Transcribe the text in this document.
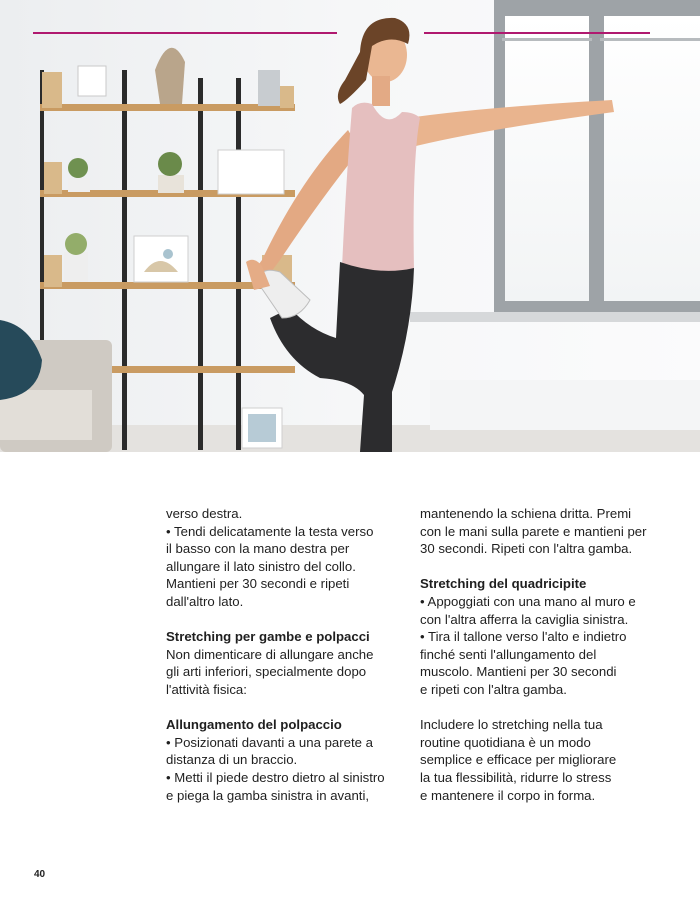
verso destra.

• Tendi delicatamente la testa verso

il basso con la mano destra per

allungare il lato sinistro del collo.

Mantieni per 30 secondi e ripeti

dall'altro lato.

Stretching per gambe e polpacci

Non dimenticare di allungare anche

gli arti inferiori, specialmente dopo

l'attività fisica:

Allungamento del polpaccio

• Posizionati davanti a una parete a

distanza di un braccio.

• Metti il piede destro dietro al sinistro

e piega la gamba sinistra in avanti,

mantenendo la schiena dritta. Premi

con le mani sulla parete e mantieni per

30 secondi. Ripeti con l'altra gamba.

Stretching del quadricipite

• Appoggiati con una mano al muro e

con l'altra afferra la caviglia sinistra.

• Tira il tallone verso l'alto e indietro

finché senti l'allungamento del

muscolo. Mantieni per 30 secondi

e ripeti con l'altra gamba.

Includere lo stretching nella tua

routine quotidiana è un modo

semplice e efficace per migliorare

la tua flessibilità, ridurre lo stress

e mantenere il corpo in forma.

40
